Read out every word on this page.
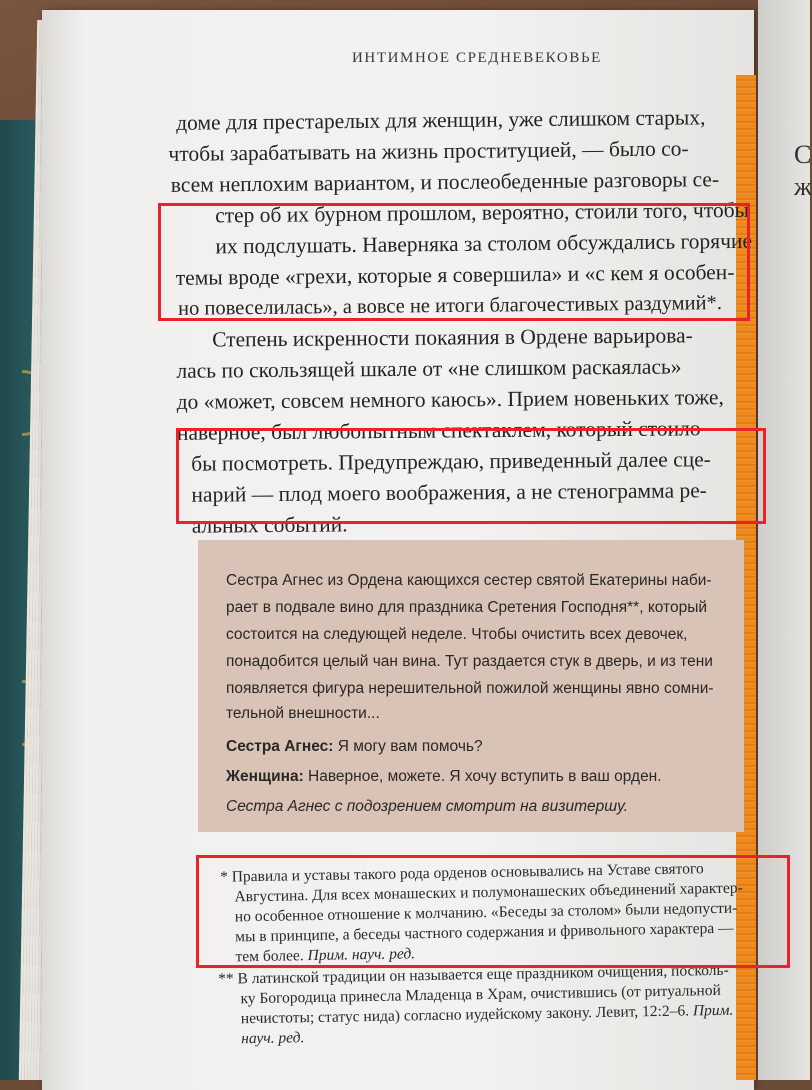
С
ж
ИНТИМНОЕ СРЕДНЕВЕКОВЬЕ
доме для престарелых для женщин, уже слишком старых,
чтобы зарабатывать на жизнь проституцией, — было со-
всем неплохим вариантом, и послеобеденные разговоры се-
стер об их бурном прошлом, вероятно, стоили того, чтобы
их подслушать. Наверняка за столом обсуждались горячие
темы вроде «грехи, которые я совершила» и «с кем я особен-
но повеселилась», а вовсе не итоги благочестивых раздумий*.
Степень искренности покаяния в Ордене варьирова-
лась по скользящей шкале от «не слишком раскаялась»
до «может, совсем немного каюсь». Прием новеньких тоже,
наверное, был любопытным спектаклем, который стоило
бы посмотреть. Предупреждаю, приведенный далее сце-
нарий — плод моего воображения, а не стенограмма ре-
альных событий.
Сестра Агнес из Ордена кающихся сестер святой Екатерины наби-
рает в подвале вино для праздника Сретения Господня**, который
состоится на следующей неделе. Чтобы очистить всех девочек,
понадобится целый чан вина. Тут раздается стук в дверь, и из тени
появляется фигура нерешительной пожилой женщины явно сомни-
тельной внешности...
Сестра Агнес: Я могу вам помочь?
Женщина: Наверное, можете. Я хочу вступить в ваш орден.
Сестра Агнес с подозрением смотрит на визитершу.
* Правила и уставы такого рода орденов основывались на Уставе святого
Августина. Для всех монашеских и полумонашеских объединений характер-
но особенное отношение к молчанию. «Беседы за столом» были недопусти-
мы в принципе, а беседы частного содержания и фривольного характера —
тем более. Прим. науч. ред.
** В латинской традиции он называется еще праздником очищения, посколь-
ку Богородица принесла Младенца в Храм, очистившись (от ритуальной
нечистоты; статус нида) согласно иудейскому закону. Левит, 12:2–6. Прим.
науч. ред.
